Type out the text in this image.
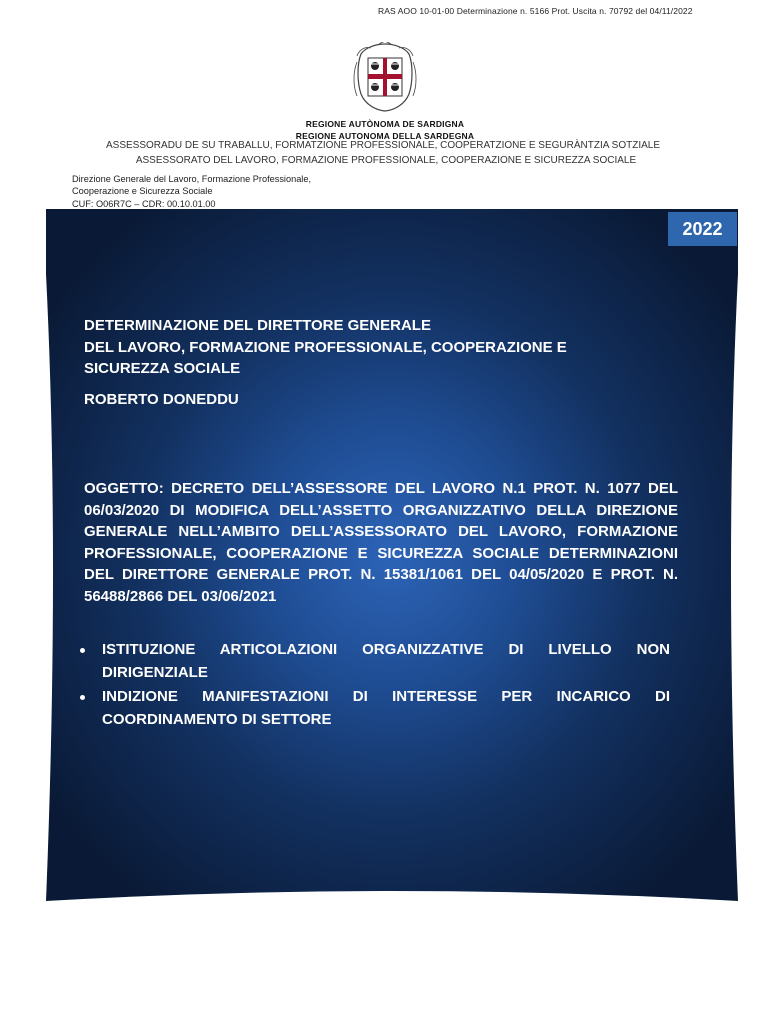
RAS AOO 10-01-00 Determinazione n. 5166 Prot. Uscita n. 70792 del 04/11/2022
REGIONE AUTÒNOMA DE SARDIGNA
REGIONE AUTONOMA DELLA SARDEGNA
ASSESSORADU DE SU TRABALLU, FORMATZIONE PROFESSIONALE, COOPERATZIONE E SEGURÀNTZIA SOTZIALE
ASSESSORATO DEL LAVORO, FORMAZIONE PROFESSIONALE, COOPERAZIONE E SICUREZZA SOCIALE
Direzione Generale del Lavoro, Formazione Professionale,
Cooperazione e Sicurezza Sociale
CUF: O06R7C – CDR: 00.10.01.00
2022
DETERMINAZIONE DEL DIRETTORE GENERALE
DEL LAVORO, FORMAZIONE PROFESSIONALE, COOPERAZIONE E
SICUREZZA SOCIALE
ROBERTO DONEDDU
OGGETTO: DECRETO DELL’ASSESSORE DEL LAVORO N.1 PROT. N. 1077 DEL 06/03/2020 DI MODIFICA DELL’ASSETTO ORGANIZZATIVO DELLA DIREZIONE GENERALE NELL’AMBITO DELL’ASSESSORATO DEL LAVORO, FORMAZIONE PROFESSIONALE, COOPERAZIONE E SICUREZZA SOCIALE DETERMINAZIONI DEL DIRETTORE GENERALE PROT. N. 15381/1061 DEL 04/05/2020 E PROT. N. 56488/2866 DEL 03/06/2021
ISTITUZIONE ARTICOLAZIONI ORGANIZZATIVE DI LIVELLO NON DIRIGENZIALE
INDIZIONE MANIFESTAZIONI DI INTERESSE PER INCARICO DI COORDINAMENTO DI SETTORE
